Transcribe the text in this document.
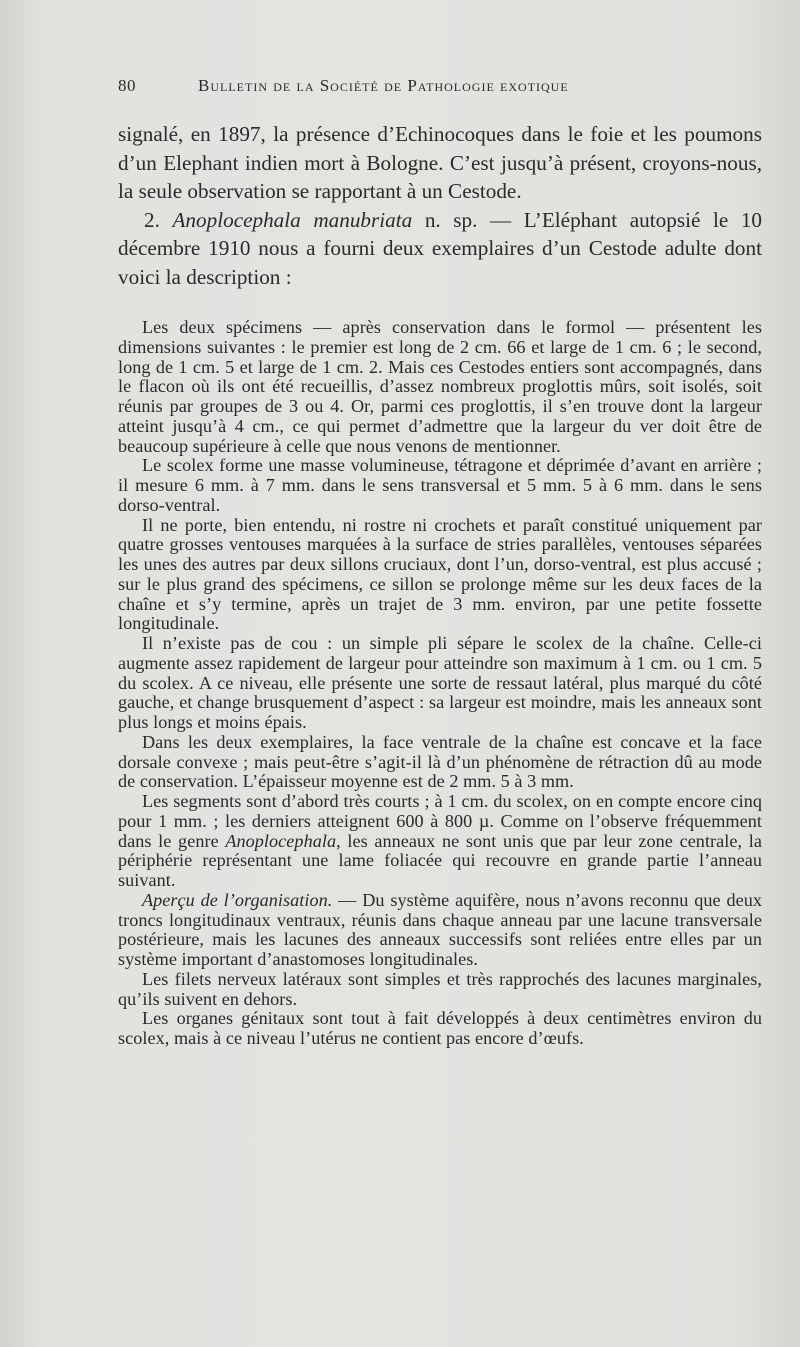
80	Bulletin de la Société de Pathologie exotique

signalé, en 1897, la présence d’Echinocoques dans le foie et les poumons d’un Elephant indien mort à Bologne. C’est jusqu’à présent, croyons-nous, la seule observation se rapportant à un Cestode.

2. Anoplocephala manubriata n. sp. — L’Eléphant autopsié le 10 décembre 1910 nous a fourni deux exemplaires d’un Cestode adulte dont voici la description :

Les deux spécimens — après conservation dans le formol — présentent les dimensions suivantes : le premier est long de 2 cm. 66 et large de 1 cm. 6 ; le second, long de 1 cm. 5 et large de 1 cm. 2. Mais ces Cestodes entiers sont accompagnés, dans le flacon où ils ont été recueillis, d’assez nombreux proglottis mûrs, soit isolés, soit réunis par groupes de 3 ou 4. Or, parmi ces proglottis, il s’en trouve dont la largeur atteint jusqu’à 4 cm., ce qui permet d’admettre que la largeur du ver doit être de beaucoup supérieure à celle que nous venons de mentionner.

Le scolex forme une masse volumineuse, tétragone et déprimée d’avant en arrière ; il mesure 6 mm. à 7 mm. dans le sens transversal et 5 mm. 5 à 6 mm. dans le sens dorso-ventral.

Il ne porte, bien entendu, ni rostre ni crochets et paraît constitué uniquement par quatre grosses ventouses marquées à la surface de stries parallèles, ventouses séparées les unes des autres par deux sillons cruciaux, dont l’un, dorso-ventral, est plus accusé ; sur le plus grand des spécimens, ce sillon se prolonge même sur les deux faces de la chaîne et s’y termine, après un trajet de 3 mm. environ, par une petite fossette longitudinale.

Il n’existe pas de cou : un simple pli sépare le scolex de la chaîne. Celle-ci augmente assez rapidement de largeur pour atteindre son maximum à 1 cm. ou 1 cm. 5 du scolex. A ce niveau, elle présente une sorte de ressaut latéral, plus marqué du côté gauche, et change brusquement d’aspect : sa largeur est moindre, mais les anneaux sont plus longs et moins épais.

Dans les deux exemplaires, la face ventrale de la chaîne est concave et la face dorsale convexe ; mais peut-être s’agit-il là d’un phénomène de rétraction dû au mode de conservation. L’épaisseur moyenne est de 2 mm. 5 à 3 mm.

Les segments sont d’abord très courts ; à 1 cm. du scolex, on en compte encore cinq pour 1 mm. ; les derniers atteignent 600 à 800 µ. Comme on l’observe fréquemment dans le genre Anoplocephala, les anneaux ne sont unis que par leur zone centrale, la périphérie représentant une lame foliacée qui recouvre en grande partie l’anneau suivant.

Aperçu de l’organisation. — Du système aquifère, nous n’avons reconnu que deux troncs longitudinaux ventraux, réunis dans chaque anneau par une lacune transversale postérieure, mais les lacunes des anneaux successifs sont reliées entre elles par un système important d’anastomoses longitudinales.

Les filets nerveux latéraux sont simples et très rapprochés des lacunes marginales, qu’ils suivent en dehors.

Les organes génitaux sont tout à fait développés à deux centimètres environ du scolex, mais à ce niveau l’utérus ne contient pas encore d’œufs.
